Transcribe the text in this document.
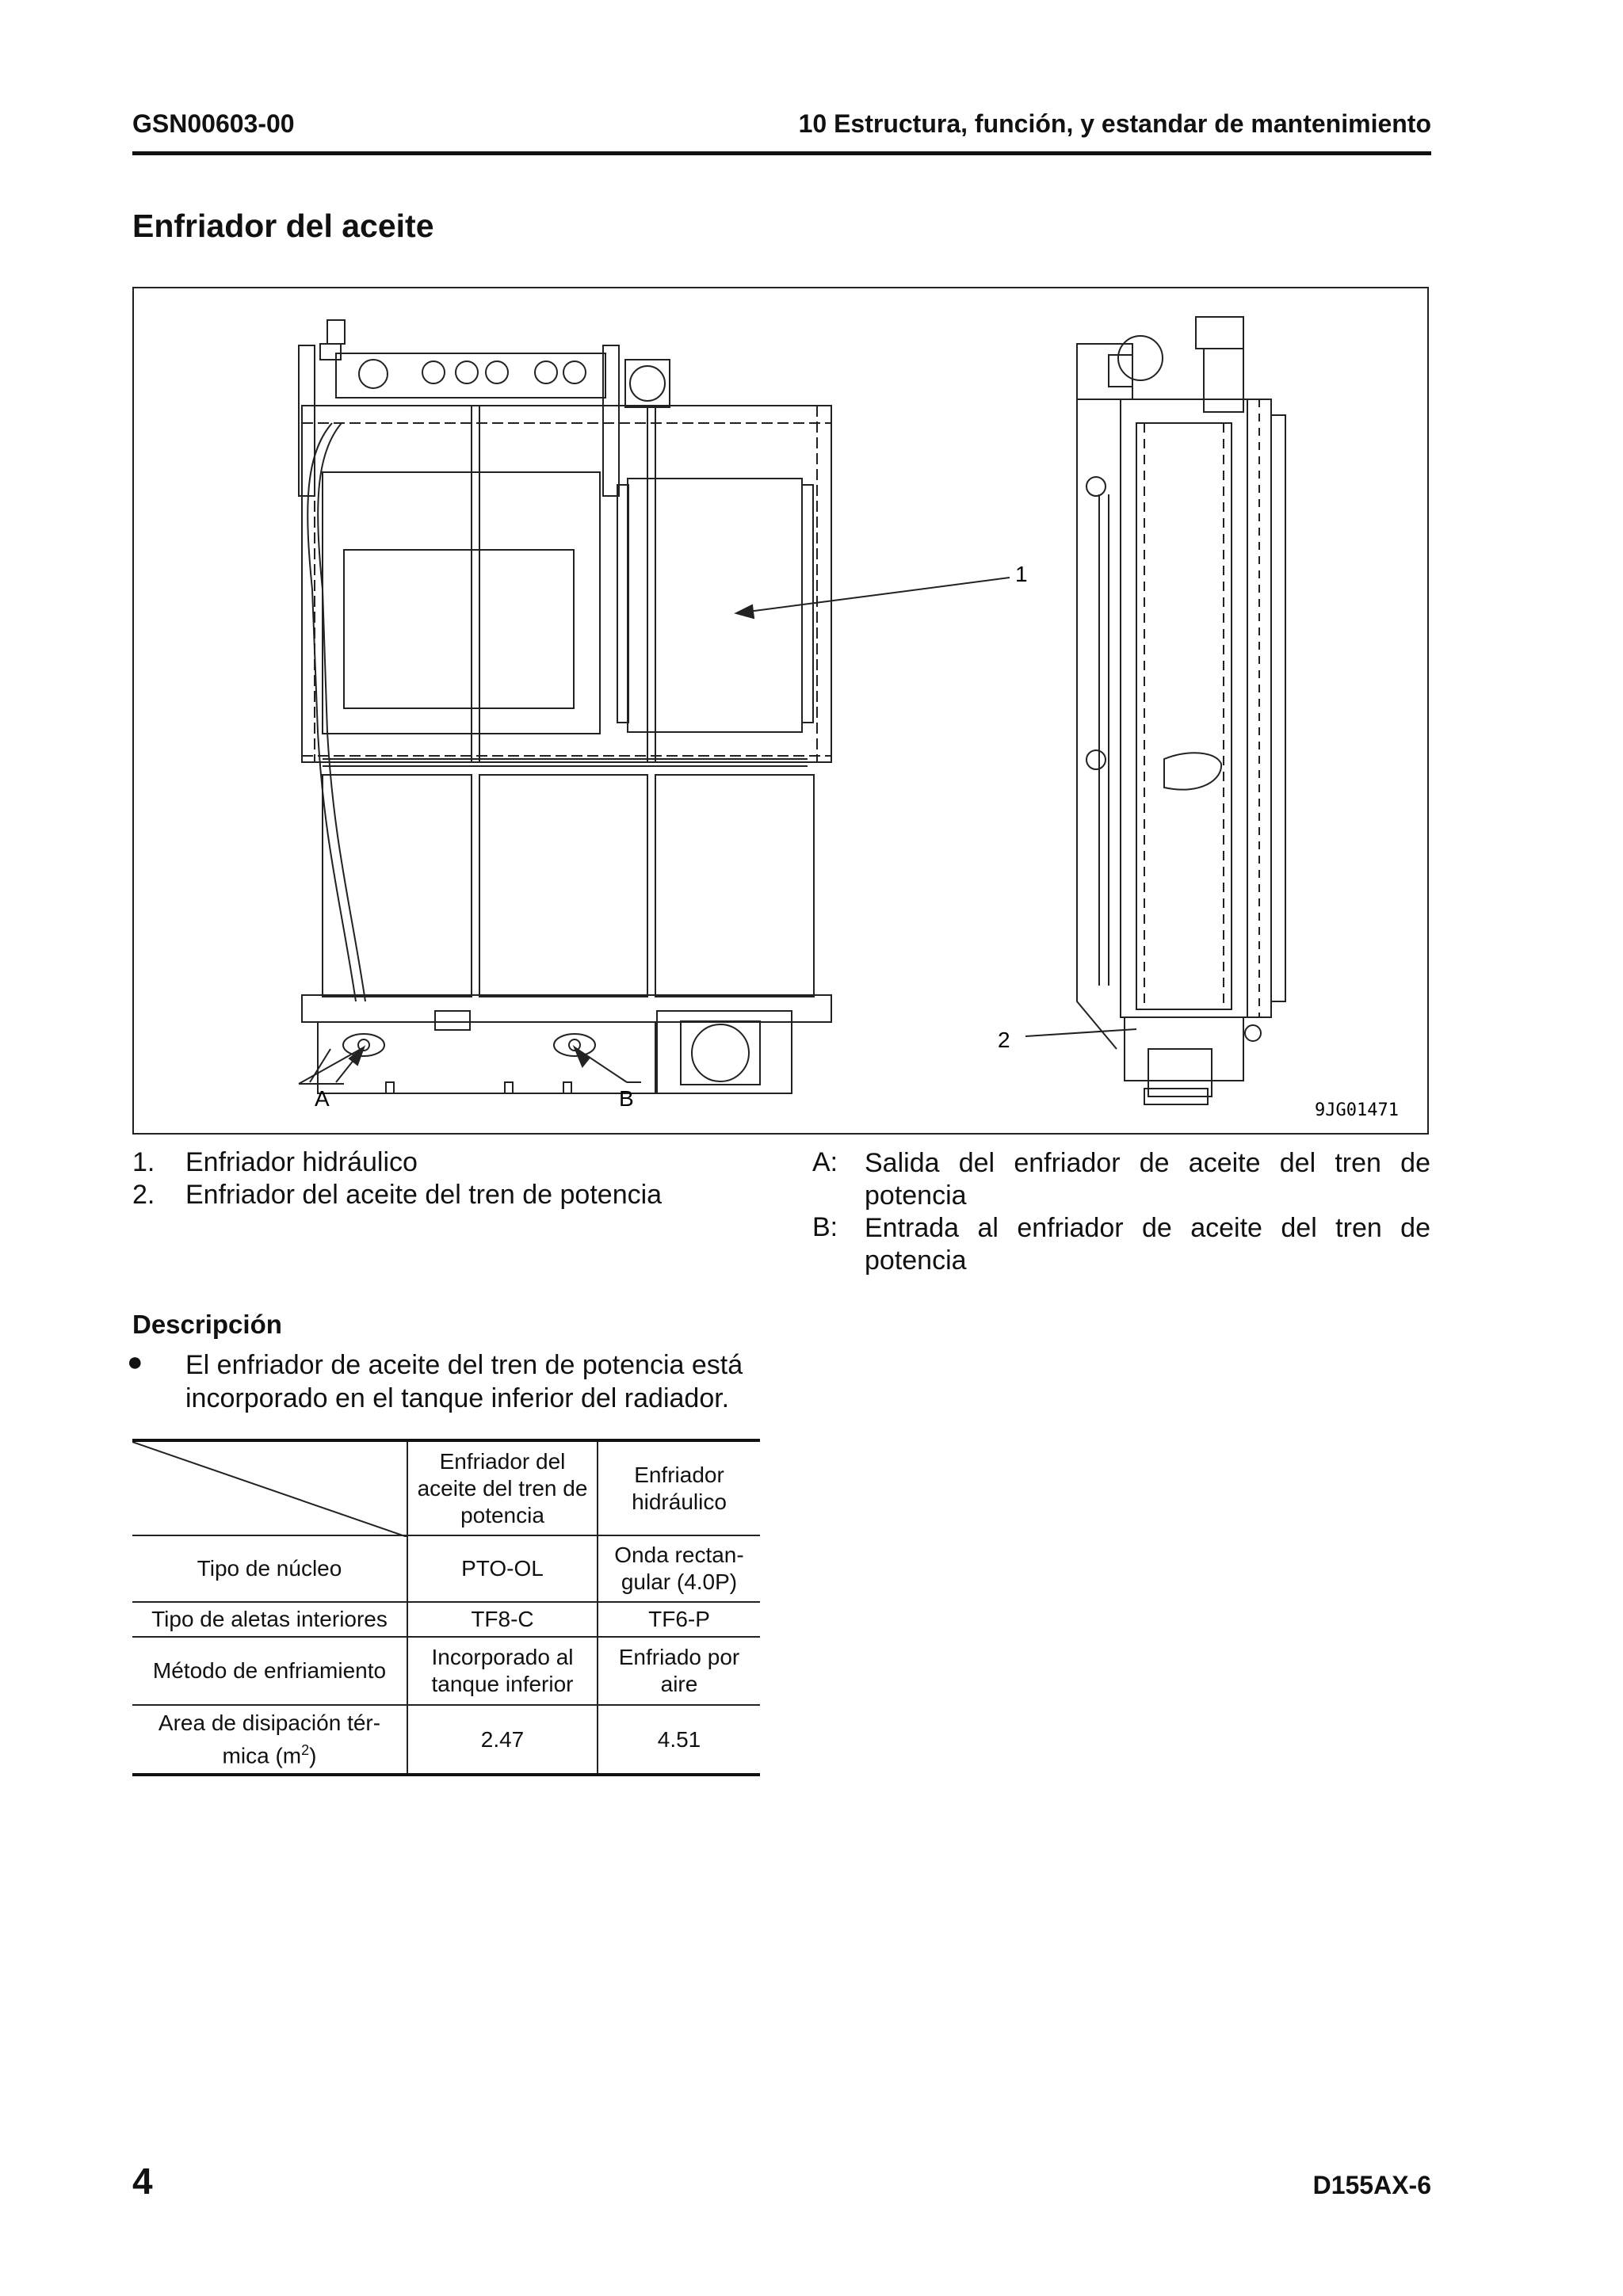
GSN00603-00	10 Estructura, función, y estandar de mantenimiento
Enfriador del aceite
1
2
A	B	9JG01471
1.	Enfriador hidráulico
2.	Enfriador del aceite del tren de potencia
A: Salida del enfriador de aceite del tren de potencia
B: Entrada al enfriador de aceite del tren de potencia
Descripción
● El enfriador de aceite del tren de potencia está incorporado en el tanque inferior del radiador.
	Enfriador del aceite del tren de potencia	Enfriador hidráulico
Tipo de núcleo	PTO-OL	Onda rectan-gular (4.0P)
Tipo de aletas interiores	TF8-C	TF6-P
Método de enfriamiento	Incorporado al tanque inferior	Enfriado por aire
Area de disipación tér-mica $(m^2)$	2.47	4.51
4	D155AX-6
